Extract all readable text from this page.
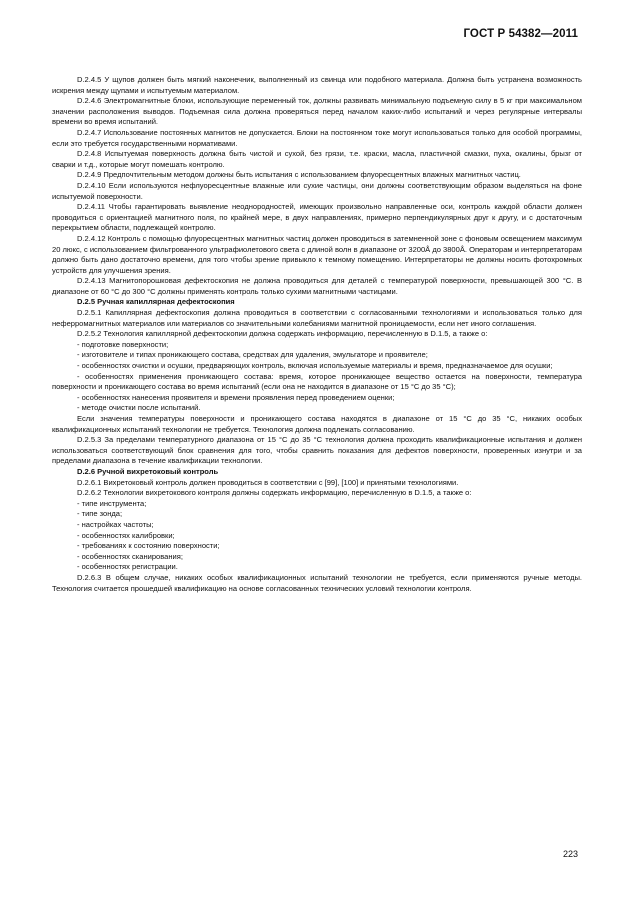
ГОСТ Р 54382—2011

D.2.4.5 У щупов должен быть мягкий наконечник, выполненный из свинца или подобного материала. Должна быть устранена возможность искрения между щупами и испытуемым материалом.

D.2.4.6 Электромагнитные блоки, использующие переменный ток, должны развивать минимальную подъемную силу в 5 кг при максимальном значении расположения выводов. Подъемная сила должна проверяться перед началом каких-либо испытаний и через регулярные интервалы времени во время испытаний.

D.2.4.7 Использование постоянных магнитов не допускается. Блоки на постоянном токе могут использоваться только для особой программы, если это требуется государственными нормативами.

D.2.4.8 Испытуемая поверхность должна быть чистой и сухой, без грязи, т.е. краски, масла, пластичной смазки, пуха, окалины, брызг от сварки и т.д., которые могут помешать контролю.

D.2.4.9 Предпочтительным методом должны быть испытания с использованием флуоресцентных влажных магнитных частиц.

D.2.4.10 Если используются нефлуоресцентные влажные или сухие частицы, они должны соответствующим образом выделяться на фоне испытуемой поверхности.

D.2.4.11 Чтобы гарантировать выявление неоднородностей, имеющих произвольно направленные оси, контроль каждой области должен проводиться с ориентацией магнитного поля, по крайней мере, в двух направлениях, примерно перпендикулярных друг к другу, и с достаточным перекрытием области, подлежащей контролю.

D.2.4.12 Контроль с помощью флуоресцентных магнитных частиц должен проводиться в затемненной зоне с фоновым освещением максимум 20 люкс, с использованием фильтрованного ультрафиолетового света с длиной волн в диапазоне от 3200Å до 3800Å. Операторам и интерпретаторам должно быть дано достаточно времени, для того чтобы зрение привыкло к темному помещению. Интерпретаторы не должны носить фотохромных устройств для улучшения зрения.

D.2.4.13 Магнитопорошковая дефектоскопия не должна проводиться для деталей с температурой поверхности, превышающей 300 °С. В диапазоне от 60 °С до 300 °С должны применять контроль только сухими магнитными частицами.

D.2.5 Ручная капиллярная дефектоскопия

D.2.5.1 Капиллярная дефектоскопия должна проводиться в соответствии с согласованными технологиями и использоваться только для неферромагнитных материалов или материалов со значительными колебаниями магнитной проницаемости, если нет иного соглашения.

D.2.5.2 Технология капиллярной дефектоскопии должна содержать информацию, перечисленную в D.1.5, а также о:

- подготовке поверхности;

- изготовителе и типах проникающего состава, средствах для удаления, эмульгаторе и проявителе;

- особенностях очистки и осушки, предваряющих контроль, включая используемые материалы и время, предназначаемое для осушки;

- особенностях применения проникающего состава: время, которое проникающее вещество остается на поверхности, температура поверхности и проникающего состава во время испытаний (если она не находится в диапазоне от 15 °С до 35 °С);

- особенностях нанесения проявителя и времени проявления перед проведением оценки;

- методе очистки после испытаний.

Если значения температуры поверхности и проникающего состава находятся в диапазоне от 15 °С до 35 °С, никаких особых квалификационных испытаний технологии не требуется. Технология должна подлежать согласованию.

D.2.5.3 За пределами температурного диапазона от 15 °С до 35 °С технология должна проходить квалификационные испытания и должен использоваться соответствующий блок сравнения для того, чтобы сравнить показания для дефектов поверхности, проверенных изнутри и за пределами диапазона в течение квалификации технологии.

D.2.6 Ручной вихретоковый контроль

D.2.6.1 Вихретоковый контроль должен проводиться в соответствии с [99], [100] и принятыми технологиями.

D.2.6.2 Технологии вихретокового контроля должны содержать информацию, перечисленную в D.1.5, а также о:

- типе инструмента;

- типе зонда;

- настройках частоты;

- особенностях калибровки;

- требованиях к состоянию поверхности;

- особенностях сканирования;

- особенностях регистрации.

D.2.6.3 В общем случае, никаких особых квалификационных испытаний технологии не требуется, если применяются ручные методы. Технология считается прошедшей квалификацию на основе согласованных технических условий технологии контроля.

223
